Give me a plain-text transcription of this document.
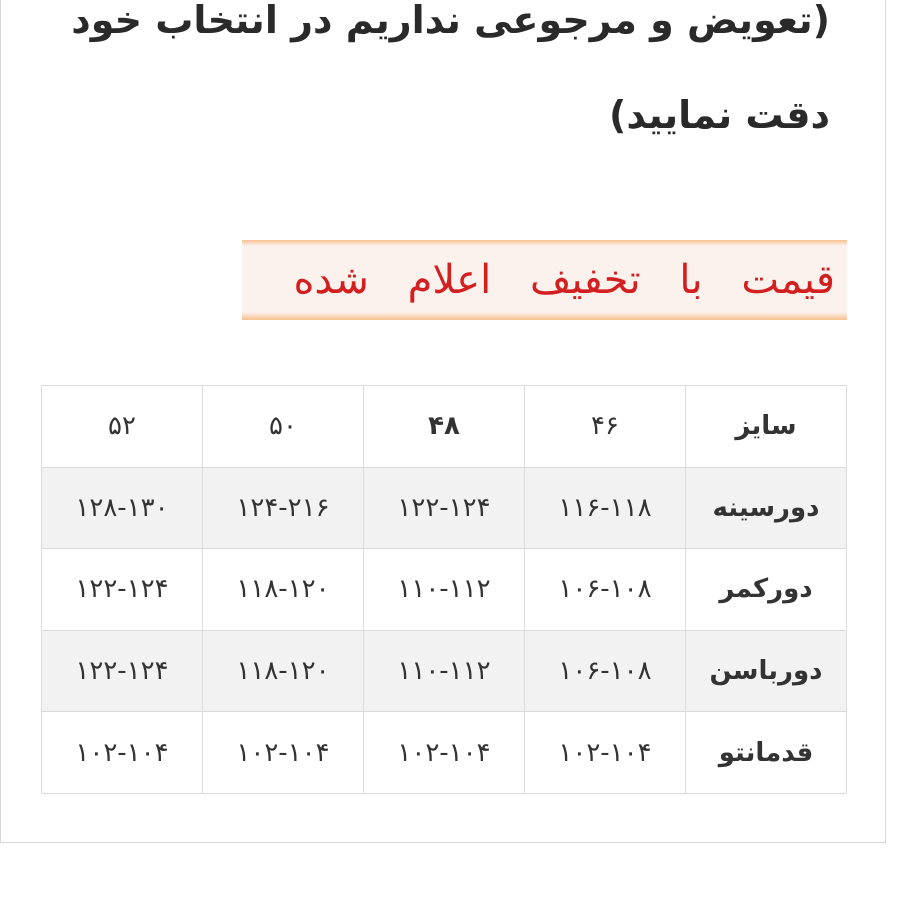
(تعویض و مرجوعی نداریم در انتخاب خود
دقت نمایید)
قیمت با تخفیف اعلام شده
سایز	۴۶	۴۸	۵۰	۵۲
دورسینه	۱۱۶-۱۱۸	۱۲۲-۱۲۴	۱۲۴-۲۱۶	۱۲۸-۱۳۰
دورکمر	۱۰۶-۱۰۸	۱۱۰-۱۱۲	۱۱۸-۱۲۰	۱۲۲-۱۲۴
دورباسن	۱۰۶-۱۰۸	۱۱۰-۱۱۲	۱۱۸-۱۲۰	۱۲۲-۱۲۴
قدمانتو	۱۰۲-۱۰۴	۱۰۲-۱۰۴	۱۰۲-۱۰۴	۱۰۲-۱۰۴
